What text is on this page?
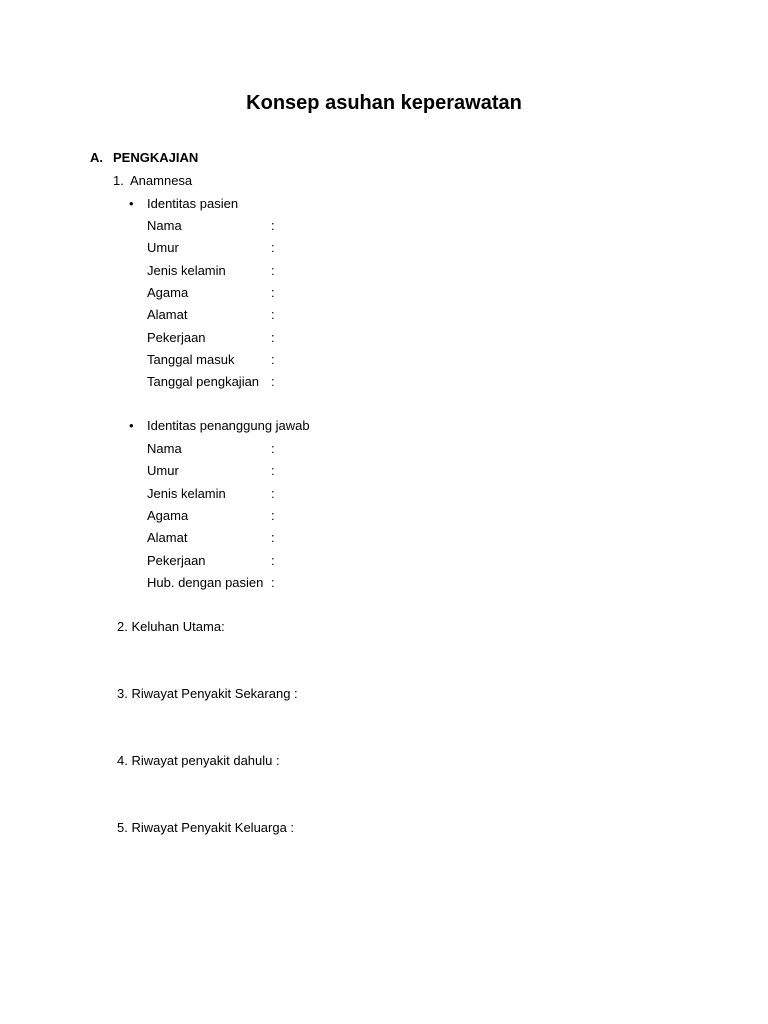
Konsep asuhan keperawatan
A. PENGKAJIAN
1. Anamnesa
• Identitas pasien
Nama	:
Umur	:
Jenis kelamin	:
Agama	:
Alamat	:
Pekerjaan	:
Tanggal masuk	:
Tanggal pengkajian :
• Identitas penanggung jawab
Nama	:
Umur	:
Jenis kelamin	:
Agama	:
Alamat	:
Pekerjaan	:
Hub. dengan pasien :
2. Keluhan Utama:
3. Riwayat Penyakit Sekarang :
4. Riwayat penyakit dahulu :
5. Riwayat Penyakit Keluarga :
